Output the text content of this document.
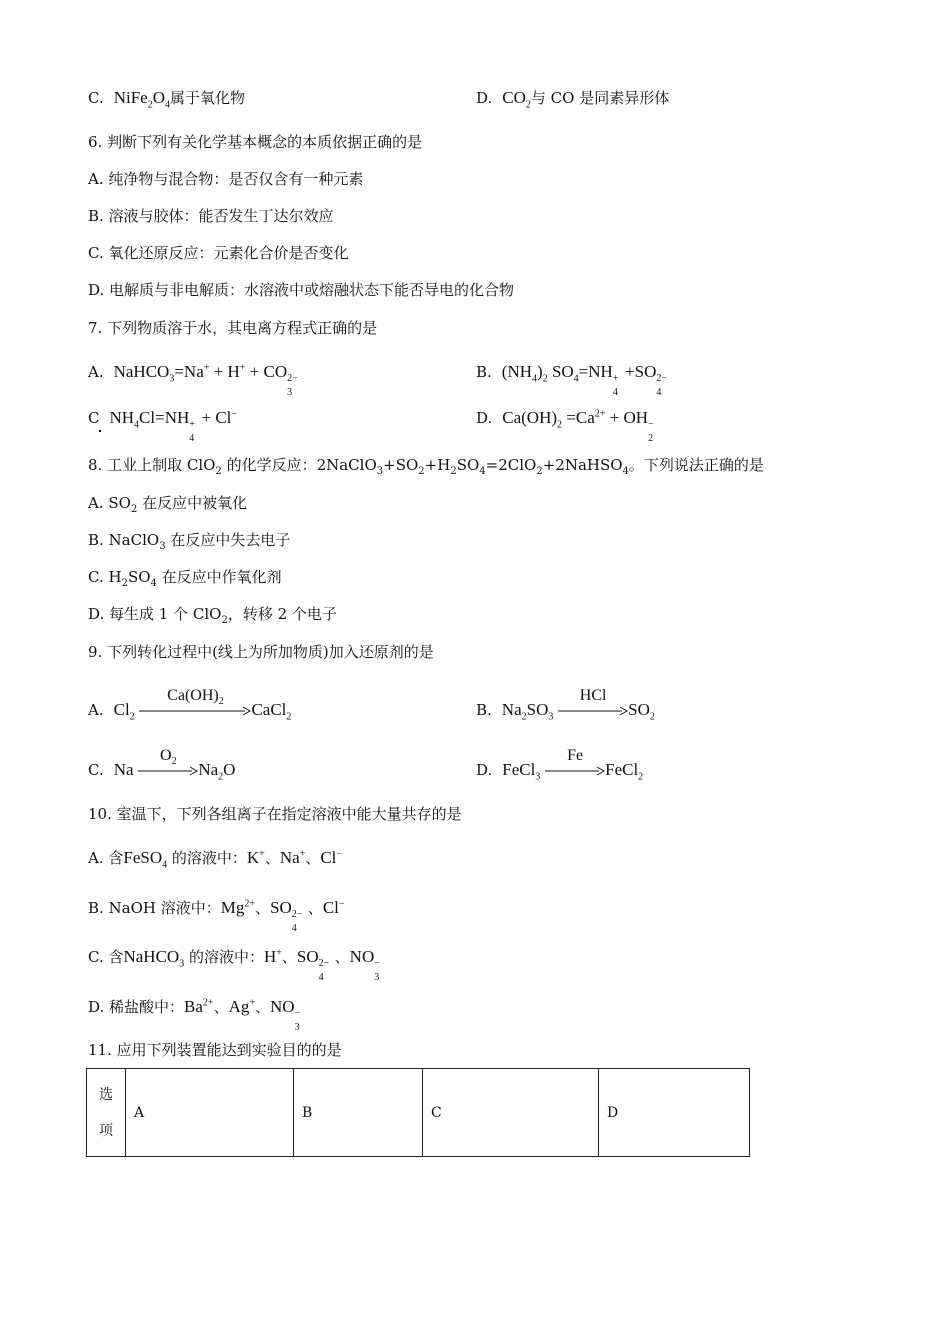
C. $NiFe_2O_4$属于氧化物	D. $CO_2$与 CO 是同素异形体
6. 判断下列有关化学基本概念的本质依据正确的是
A. 纯净物与混合物：是否仅含有一种元素
B. 溶液与胶体：能否发生丁达尔效应
C. 氧化还原反应：元素化合价是否变化
D. 电解质与非电解质：水溶液中或熔融状态下能否导电的化合物
7. 下列物质溶于水，其电离方程式正确的是
A. NaHCO$_3$=Na+ + H+ + CO 2−
3
B. $(NH_4)_2$ $SO_4=NH$ +
4
+SO 2−
4
C $NH_4Cl=NH$ +
4
+ Cl−	D. $Ca(OH)_2 =Ca^{2+}$ + OH −
2
8. 工业上制取 ClO$_2$ 的化学反应：$2NaClO_3+SO_2+H_2SO_4=2ClO_2+2NaHSO_4$。下列说法正确的是
A. $SO_2$ 在反应中被氧化
B. NaClO$_3$ 在反应中失去电子
C. $H_2SO_4$ 在反应中作氧化剂
D. 每生成 1 个 ClO$_2$，转移 2 个电子
9. 下列转化过程中(线上为所加物质)加入还原剂的是
A. $Cl_2$
$Ca(OH)_2$	CaCl$_2$	B. $Na_2SO_3$
HCl
$SO_2$
C. Na
$O_2$	$Na_2O$	D. FeCl$_3$
Fe
FeCl$_2$
10. 室温下，下列各组离子在指定溶液中能大量共存的是
A. 含FeSO$_4$ 的溶液中：K+、Na+、Cl−
B. NaOH 溶液中：$Mg^{2+}$、SO 2−
4
、Cl−
C. 含NaHCO$_3$ 的溶液中：H+、SO 2−
4
、NO −
3
D. 稀盐酸中：$Ba^{2+}$、Ag+、NO −
3
11. 应用下列装置能达到实验目的的是
选
项	A	B	C	D
